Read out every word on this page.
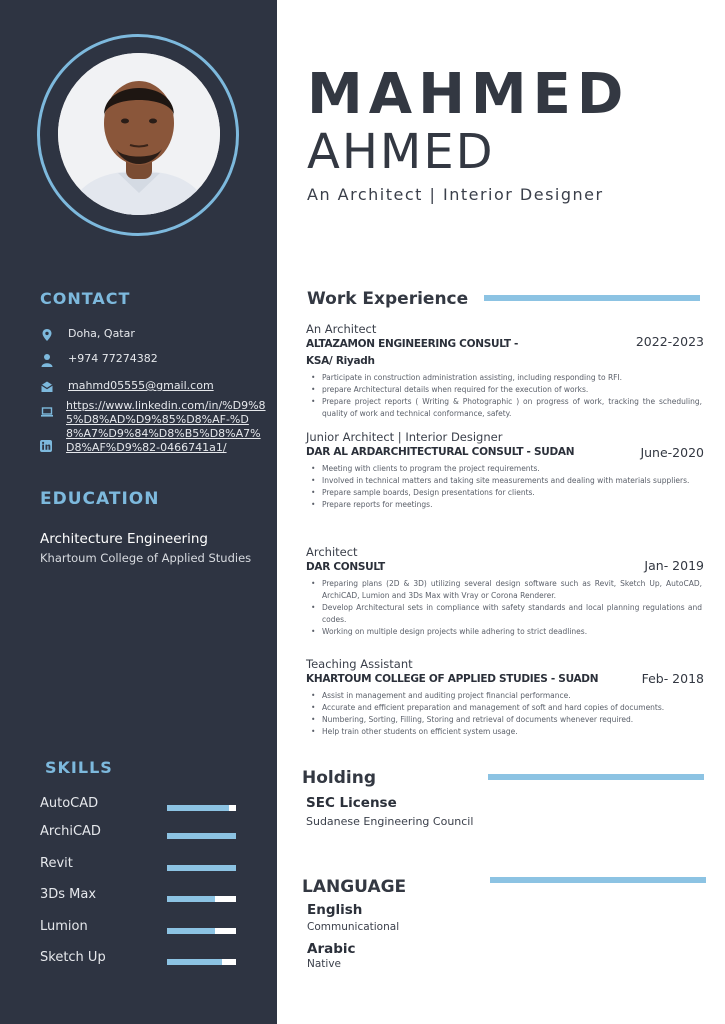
CONTACT
Doha, Qatar
+974 77274382
mahmd05555@gmail.com
https://www.linkedin.com/in/%D9%85%D8%AD%D9%85%D8%AF-%D8%A7%D9%84%D8%B5%D8%A7%D8%AF%D9%82-0466741a1/
EDUCATION
Architecture Engineering
Khartoum College of Applied Studies
SKILLS
AutoCAD
ArchiCAD
Revit
3Ds Max
Lumion
Sketch Up
MAHMED
AHMED
An Architect | Interior Designer
Work Experience
An Architect
2022-2023
ALTAZAMON ENGINEERING CONSULT - KSA/ Riyadh
• Participate in construction administration assisting, including responding to RFI.
• prepare Architectural details when required for the execution of works.
• Prepare project reports ( Writing & Photographic ) on progress of work, tracking the scheduling, quality of work and technical conformance, safety.
Junior Architect | Interior Designer
June-2020
DAR AL ARDARCHITECTURAL CONSULT - SUDAN
• Meeting with clients to program the project requirements.
• Involved in technical matters and taking site measurements and dealing with materials suppliers.
• Prepare sample boards, Design presentations for clients.
• Prepare reports for meetings.
Architect
Jan- 2019
DAR CONSULT
• Preparing plans (2D & 3D) utilizing several design software such as Revit, Sketch Up, AutoCAD, ArchiCAD, Lumion and 3Ds Max with Vray or Corona Renderer.
• Develop Architectural sets in compliance with safety standards and local planning regulations and codes.
• Working on multiple design projects while adhering to strict deadlines.
Teaching Assistant
Feb- 2018
KHARTOUM COLLEGE OF APPLIED STUDIES - SUADN
• Assist in management and auditing project financial performance.
• Accurate and efficient preparation and management of soft and hard copies of documents.
• Numbering, Sorting, Filling, Storing and retrieval of documents whenever required.
• Help train other students on efficient system usage.
Holding
SEC License
Sudanese Engineering Council
LANGUAGE
English
Communicational
Arabic
Native
